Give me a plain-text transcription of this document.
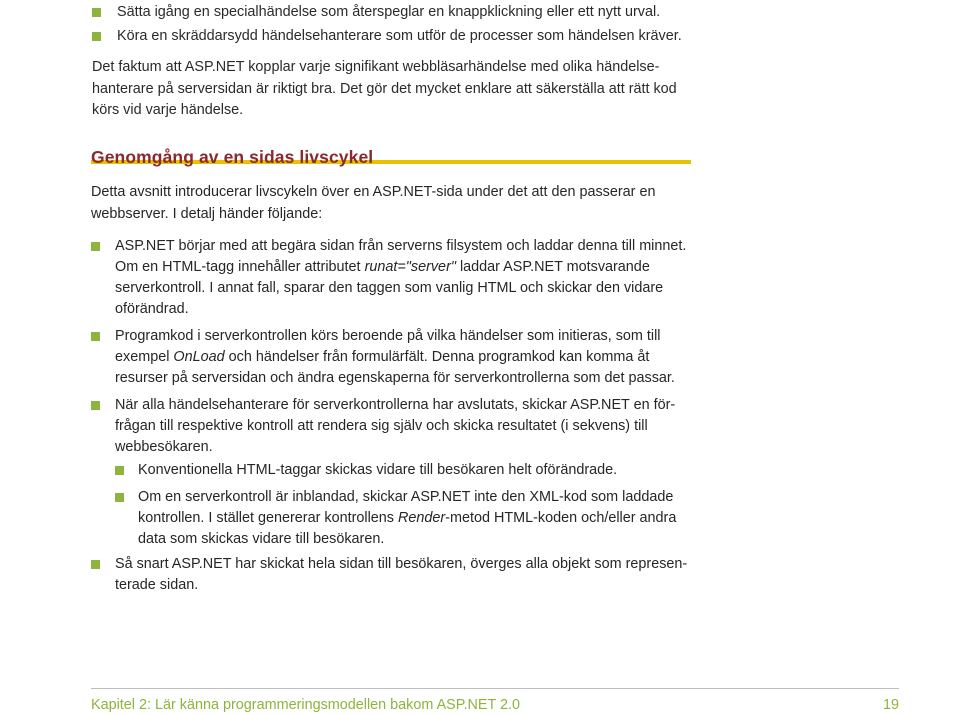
Sätta igång en specialhändelse som återspeglar en knappklickning eller ett nytt urval.
Köra en skräddarsydd händelsehanterare som utför de processer som händelsen kräver.
Det faktum att ASP.NET kopplar varje signifikant webbläsarhändelse med olika händelse-
hanterare på serversidan är riktigt bra. Det gör det mycket enklare att säkerställa att rätt kod
körs vid varje händelse.
Genomgång av en sidas livscykel
Detta avsnitt introducerar livscykeln över en ASP.NET-sida under det att den passerar en
webbserver. I detalj händer följande:
ASP.NET börjar med att begära sidan från serverns filsystem och laddar denna till minnet.
Om en HTML-tagg innehåller attributet runat="server" laddar ASP.NET motsvarande
serverkontroll. I annat fall, sparar den taggen som vanlig HTML och skickar den vidare
oförändrad.
Programkod i serverkontrollen körs beroende på vilka händelser som initieras, som till
exempel OnLoad och händelser från formulärfält. Denna programkod kan komma åt
resurser på serversidan och ändra egenskaperna för serverkontrollerna som det passar.
När alla händelsehanterare för serverkontrollerna har avslutats, skickar ASP.NET en för-
frågan till respektive kontroll att rendera sig själv och skicka resultatet (i sekvens) till
webbesökaren.
Konventionella HTML-taggar skickas vidare till besökaren helt oförändrade.
Om en serverkontroll är inblandad, skickar ASP.NET inte den XML-kod som laddade
kontrollen. I stället genererar kontrollens Render-metod HTML-koden och/eller andra
data som skickas vidare till besökaren.
Så snart ASP.NET har skickat hela sidan till besökaren, överges alla objekt som represen-
terade sidan.
Kapitel 2: Lär känna programmeringsmodellen bakom ASP.NET 2.0	19
